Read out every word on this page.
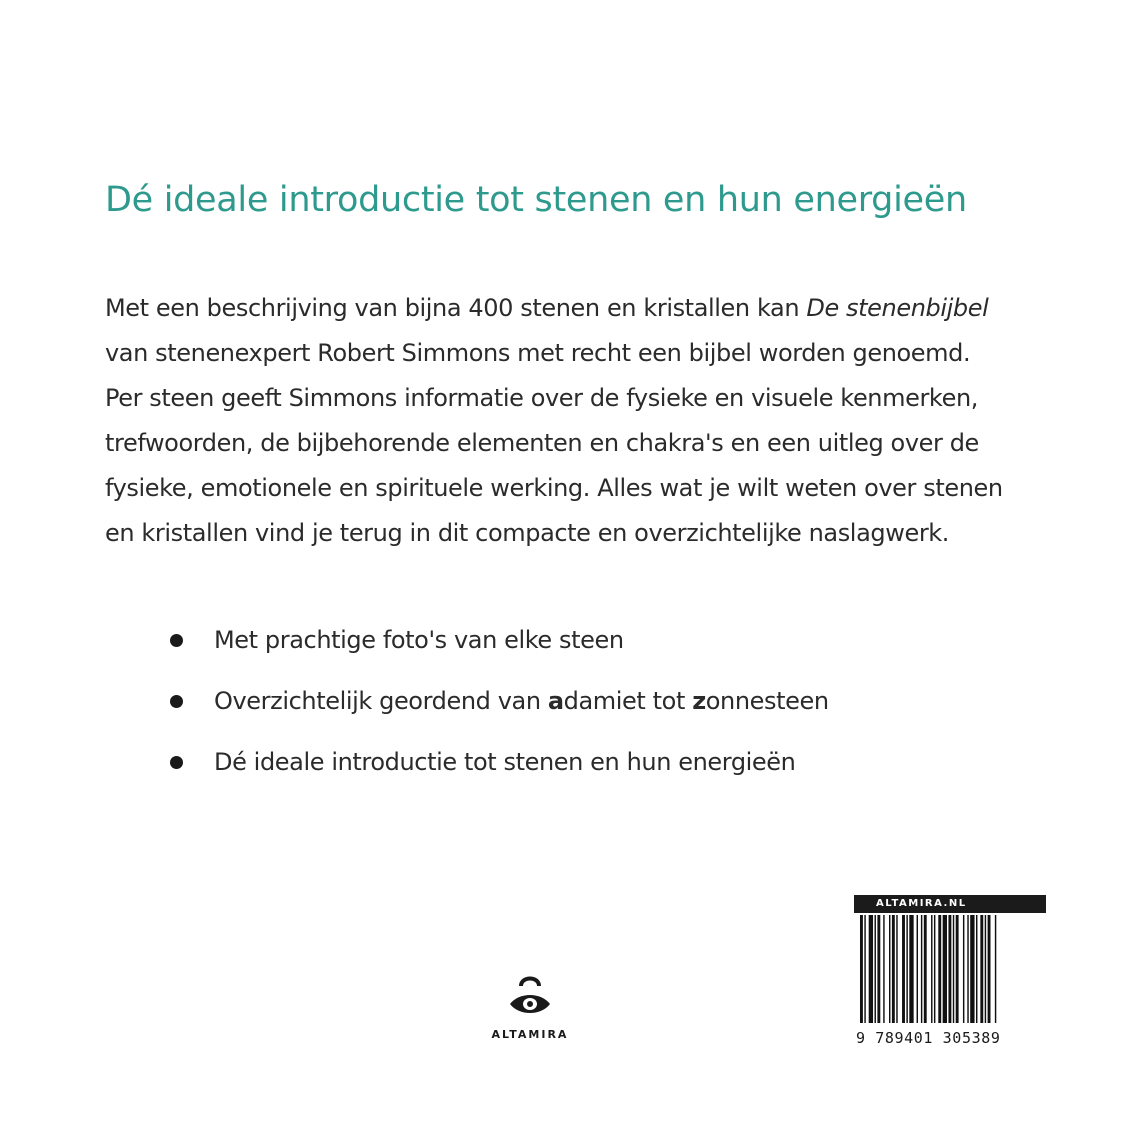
Dé ideale introductie tot stenen en hun energieën
Met een beschrijving van bijna 400 stenen en kristallen kan De stenenbijbel
van stenenexpert Robert Simmons met recht een bijbel worden genoemd.
Per steen geeft Simmons informatie over de fysieke en visuele kenmerken,
trefwoorden, de bijbehorende elementen en chakra's en een uitleg over de
fysieke, emotionele en spirituele werking. Alles wat je wilt weten over stenen
en kristallen vind je terug in dit compacte en overzichtelijke naslagwerk.
Met prachtige foto's van elke steen
Overzichtelijk geordend van adamiet tot zonnesteen
Dé ideale introductie tot stenen en hun energieën
ALTAMIRA
ALTAMIRA.NL
9 789401 305389
